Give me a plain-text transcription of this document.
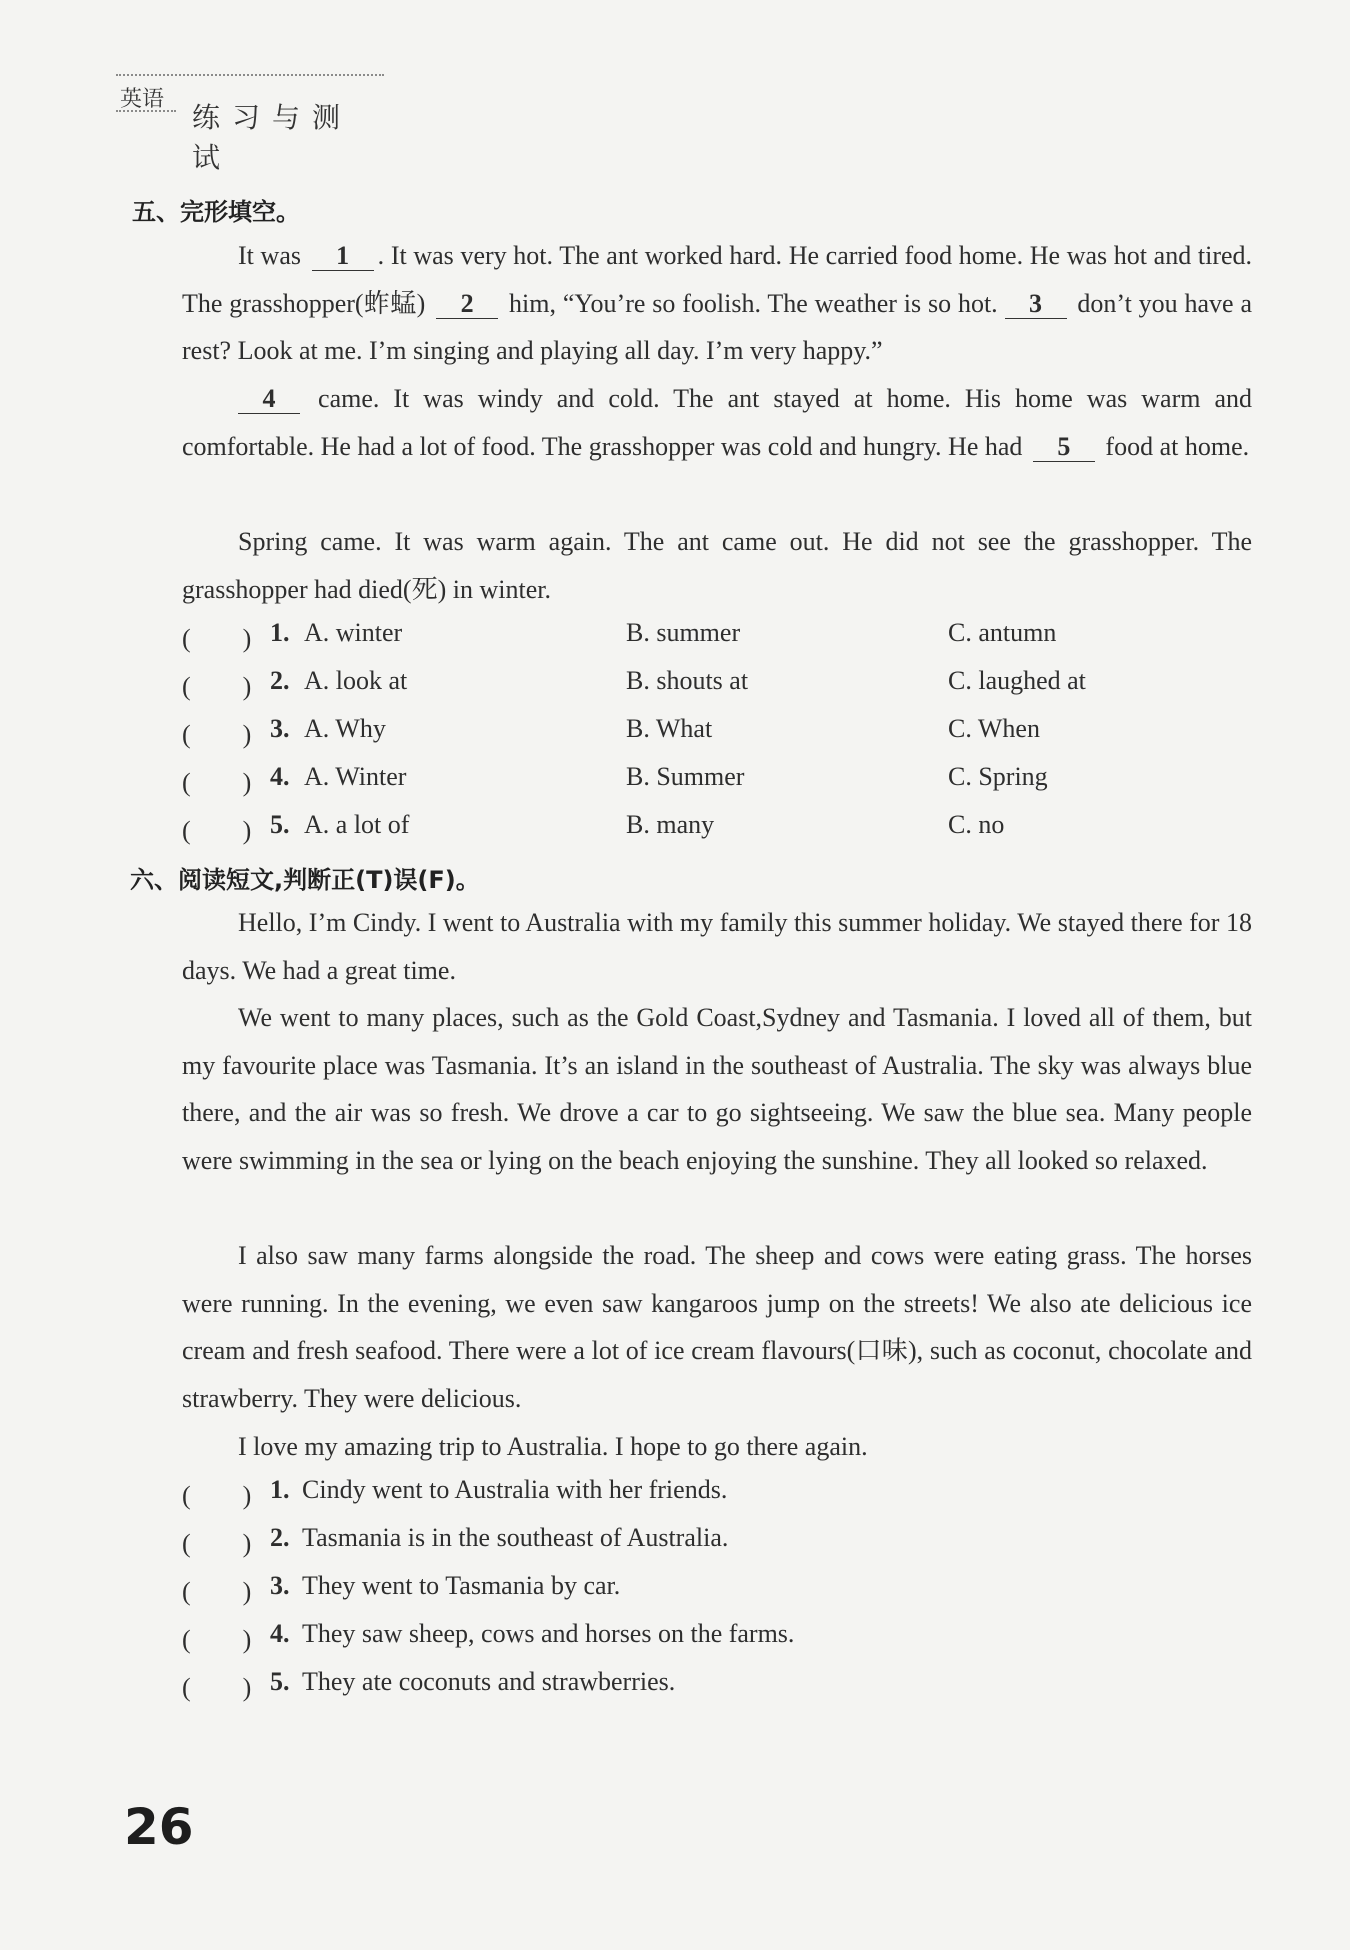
英语
练习与测试
五、完形填空。
It was 1 . It was very hot. The ant worked hard. He carried food home. He was hot and tired. The grasshopper(蚱蜢) 2 him, “You’re so foolish. The weather is so hot. 3 don’t you have a rest? Look at me. I’m singing and playing all day. I’m very happy.”
4 came. It was windy and cold. The ant stayed at home. His home was warm and comfortable. He had a lot of food. The grasshopper was cold and hungry. He had 5 food at home.
Spring came. It was warm again. The ant came out. He did not see the grasshopper. The grasshopper had died(死) in winter.
(　　) 1. A. winter	B. summer	C. antumn
(　　) 2. A. look at	B. shouts at	C. laughed at
(　　) 3. A. Why	B. What	C. When
(　　) 4. A. Winter	B. Summer	C. Spring
(　　) 5. A. a lot of	B. many	C. no
六、阅读短文,判断正(T)误(F)。
Hello, I’m Cindy. I went to Australia with my family this summer holiday. We stayed there for 18 days. We had a great time.
We went to many places, such as the Gold Coast,Sydney and Tasmania. I loved all of them, but my favourite place was Tasmania. It’s an island in the southeast of Australia. The sky was always blue there, and the air was so fresh. We drove a car to go sightseeing. We saw the blue sea. Many people were swimming in the sea or lying on the beach enjoying the sunshine. They all looked so relaxed.
I also saw many farms alongside the road. The sheep and cows were eating grass. The horses were running. In the evening, we even saw kangaroos jump on the streets! We also ate delicious ice cream and fresh seafood. There were a lot of ice cream flavours(口味), such as coconut, chocolate and strawberry. They were delicious.
I love my amazing trip to Australia. I hope to go there again.
(　　) 1. Cindy went to Australia with her friends.
(　　) 2. Tasmania is in the southeast of Australia.
(　　) 3. They went to Tasmania by car.
(　　) 4. They saw sheep, cows and horses on the farms.
(　　) 5. They ate coconuts and strawberries.
26
